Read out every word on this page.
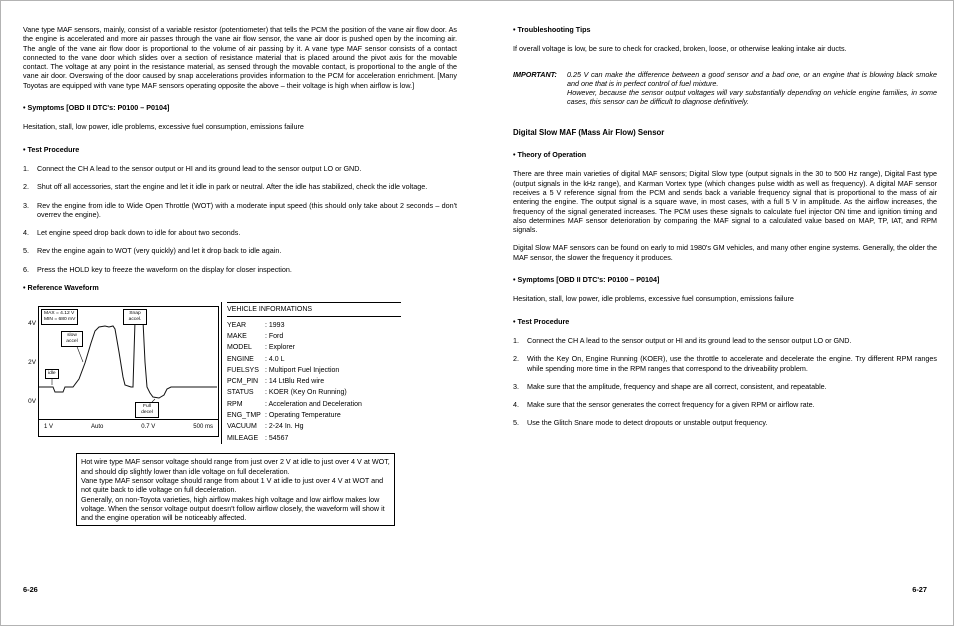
Vane type MAF sensors, mainly, consist of a variable resistor (potentiometer) that tells the PCM the position of the vane air flow door. As the engine is accelerated and more air passes through the vane air flow sensor, the vane air door is pushed open by the incoming air. The angle of the vane air flow door is proportional to the volume of air passing by it. A vane type MAF sensor consists of a contact connected to the vane door which slides over a section of resistance material that is placed around the pivot axis for the movable contact. The voltage at any point in the resistance material, as sensed through the movable contact, is proportional to the angle of the vane air door. Overswing of the door caused by snap accelerations provides information to the PCM for acceleration enrichment. [Many Toyotas are equipped with vane type MAF sensors operating opposite the above – their voltage is high when airflow is low.]

• Symptoms [OBD II DTC's: P0100 – P0104]

Hesitation, stall, low power, idle problems, excessive fuel consumption, emissions failure

• Test Procedure
1.	Connect the CH A lead to the sensor output or HI and its ground lead to the sensor output LO or GND.
2.	Shut off all accessories, start the engine and let it idle in park or neutral. After the idle has stabilized, check the idle voltage.
3.	Rev the engine from idle to Wide Open Throttle (WOT) with a moderate input speed (this should only take about 2 seconds – don't overrev the engine).
4.	Let engine speed drop back down to idle for about two seconds.
5.	Rev the engine again to WOT (very quickly) and let it drop back to idle again.
6.	Press the HOLD key to freeze the waveform on the display for closer inspection.
• Reference Waveform
4V
2V
0V
1 V	Auto	0.7 V	500 ms
MAX = 4.12 V
MIN = 680 mV
slow accel
Snap accel.
idle
Full decel
VEHICLE INFORMATIONS
YEAR	: 1993
MAKE	: Ford
MODEL	: Explorer
ENGINE	: 4.0 L
FUELSYS : Multiport Fuel Injection
PCM_PIN : 14 LtBlu Red wire
STATUS	: KOER (Key On Running)
RPM	: Acceleration and Deceleration
ENG_TMP : Operating Temperature
VACUUM	: 2-24 In. Hg
MILEAGE : 54567

Hot wire type MAF sensor voltage should range from just over 2 V at idle to just over 4 V at WOT, and should dip slightly lower than idle voltage on full deceleration.

Vane type MAF sensor voltage should range from about 1 V at idle to just over 4 V at WOT and not quite back to idle voltage on full deceleration.

Generally, on non-Toyota varieties, high airflow makes high voltage and low airflow makes low voltage. When the sensor voltage output doesn't follow airflow closely, the waveform will show it and the engine operation will be noticeably affected.

• Troubleshooting Tips

If overall voltage is low, be sure to check for cracked, broken, loose, or otherwise leaking intake air ducts.

IMPORTANT:	0.25 V can make the difference between a good sensor and a bad one, or an engine that is blowing black smoke and one that is in perfect control of fuel mixture.

However, because the sensor output voltages will vary substantially depending on vehicle engine families, in some cases, this sensor can be difficult to diagnose definitively.

Digital Slow MAF (Mass Air Flow) Sensor
• Theory of Operation

There are three main varieties of digital MAF sensors; Digital Slow type (output signals in the 30 to 500 Hz range), Digital Fast type (output signals in the kHz range), and Karman Vortex type (which changes pulse width as well as frequency). A digital MAF sensor receives a 5 V reference signal from the PCM and sends back a variable frequency signal that is proportional to the mass of air entering the engine. The output signal is a square wave, in most cases, with a full 5 V in amplitude. As the airflow increases, the frequency of the signal generated increases. The PCM uses these signals to calculate fuel injector ON time and ignition timing and also determines MAF sensor deterioration by comparing the MAF signal to a calculated value based on MAP, TP, IAT, and RPM signals.

Digital Slow MAF sensors can be found on early to mid 1980's GM vehicles, and many other engine systems. Generally, the older the MAF sensor, the slower the frequency it produces.

• Symptoms [OBD II DTC's: P0100 – P0104]

Hesitation, stall, low power, idle problems, excessive fuel consumption, emissions failure

• Test Procedure
1.	Connect the CH A lead to the sensor output or HI and its ground lead to the sensor output LO or GND.
2.	With the Key On, Engine Running (KOER), use the throttle to accelerate and decelerate the engine. Try different RPM ranges while spending more time in the RPM ranges that correspond to the driveability problem.
3.	Make sure that the amplitude, frequency and shape are all correct, consistent, and repeatable.
4.	Make sure that the sensor generates the correct frequency for a given RPM or airflow rate.
5.	Use the Glitch Snare mode to detect dropouts or unstable output frequency.
6-26	6-27
